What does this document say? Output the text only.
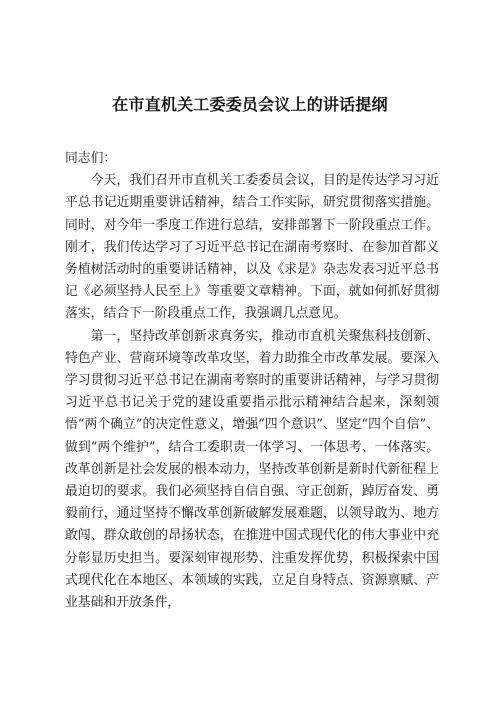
在市直机关工委委员会议上的讲话提纲

同志们：

今天，我们召开市直机关工委委员会议，目的是传达学习习近平总书记近期重要讲话精神，结合工作实际，研究贯彻落实措施。同时，对今年一季度工作进行总结，安排部署下一阶段重点工作。刚才，我们传达学习了习近平总书记在湖南考察时、在参加首都义务植树活动时的重要讲话精神，以及《求是》杂志发表习近平总书记《必须坚持人民至上》等重要文章精神。下面，就如何抓好贯彻落实，结合下一阶段重点工作，我强调几点意见。

第一，坚持改革创新求真务实，推动市直机关聚焦科技创新、特色产业、营商环境等改革攻坚，着力助推全市改革发展。要深入学习贯彻习近平总书记在湖南考察时的重要讲话精神，与学习贯彻习近平总书记关于党的建设重要指示批示精神结合起来，深刻领悟“两个确立”的决定性意义，增强“四个意识”、坚定“四个自信”、做到“两个维护”，结合工委职责一体学习、一体思考、一体落实。改革创新是社会发展的根本动力，坚持改革创新是新时代新征程上最迫切的要求。我们必须坚持自信自强、守正创新，踔厉奋发、勇毅前行，通过坚持不懈改革创新破解发展难题，以领导敢为、地方敢闯、群众敢创的昂扬状态，在推进中国式现代化的伟大事业中充分彰显历史担当。要深刻审视形势、注重发挥优势，积极探索中国式现代化在本地区、本领域的实践，立足自身特点、资源禀赋、产业基础和开放条件，
